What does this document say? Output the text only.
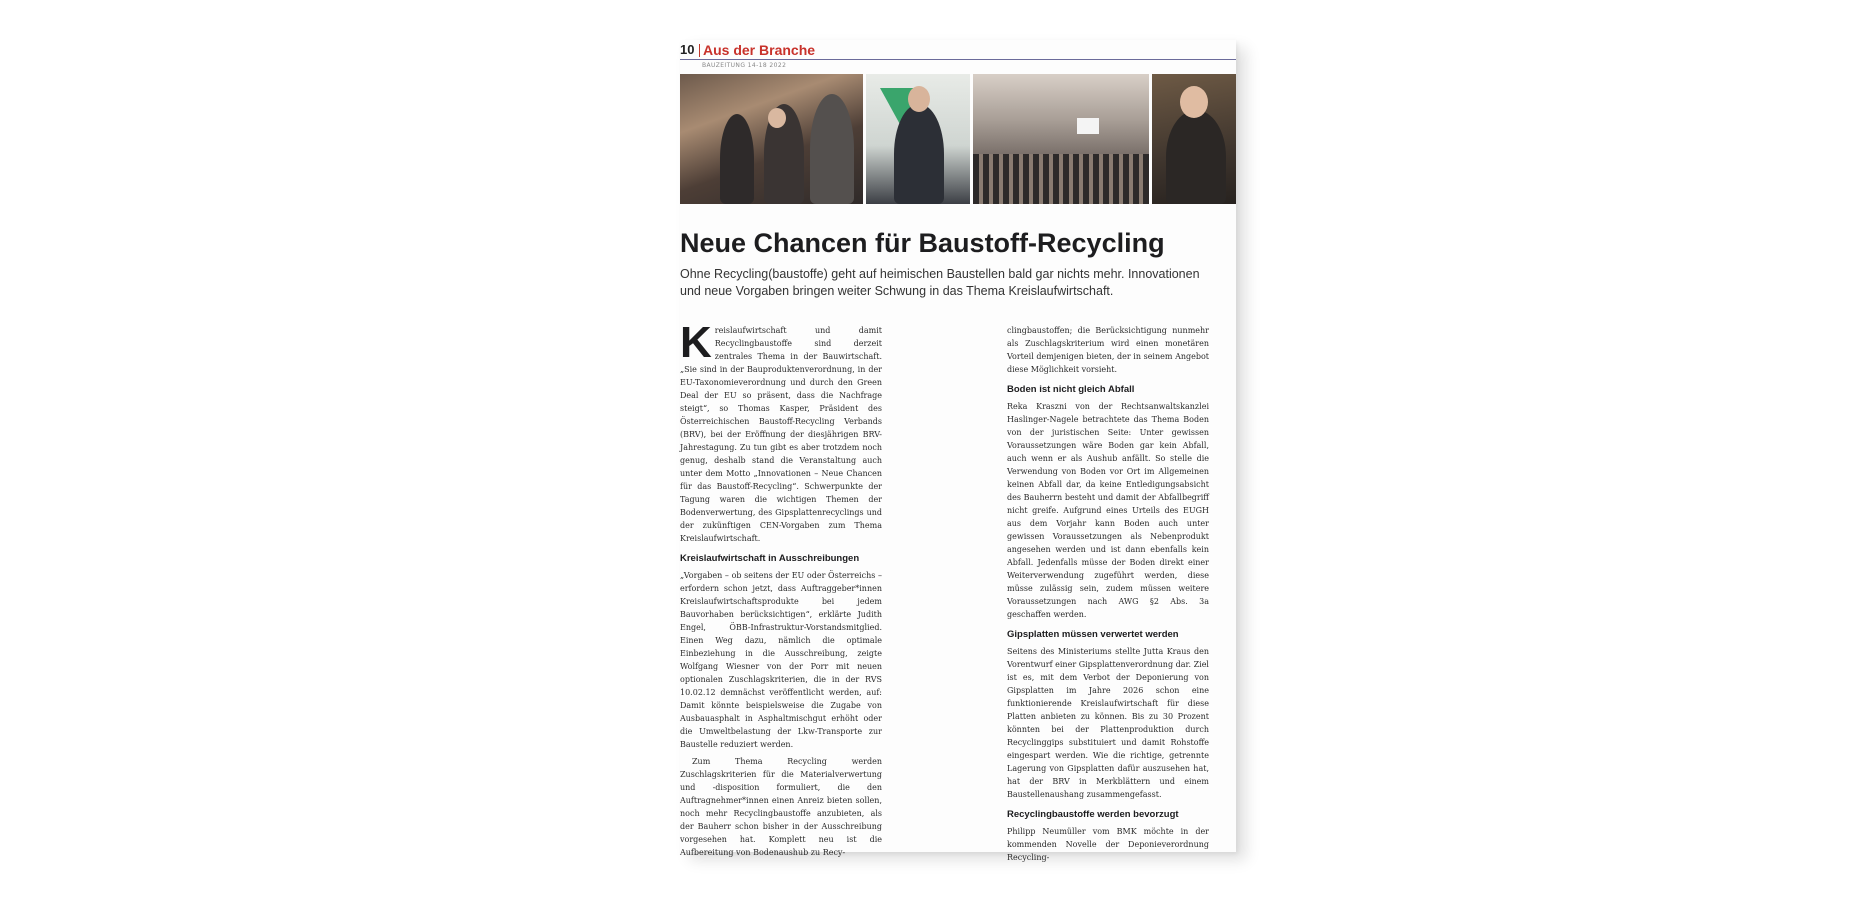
10 Aus der Branche
BAUZEITUNG 14-18 2022
Neue Chancen für Baustoff-Recycling
Ohne Recycling(baustoffe) geht auf heimischen Baustellen bald gar nichts mehr. Innovationen und neue Vorgaben bringen weiter Schwung in das Thema Kreislaufwirtschaft.

Kreislaufwirtschaft und damit Recyclingbaustoffe sind derzeit zentrales Thema in der Bauwirtschaft. „Sie sind in der Bauproduktenverordnung, in der EU-Taxonomieverordnung und durch den Green Deal der EU so präsent, dass die Nachfrage steigt“, so Thomas Kasper, Präsident des Österreichischen Baustoff-Recycling Verbands (BRV), bei der Eröffnung der diesjährigen BRV-Jahrestagung. Zu tun gibt es aber trotzdem noch genug, deshalb stand die Veranstaltung auch unter dem Motto „Innovationen – Neue Chancen für das Baustoff-Recycling“. Schwerpunkte der Tagung waren die wichtigen Themen der Bodenverwertung, des Gipsplattenrecyclings und der zukünftigen CEN-Vorgaben zum Thema Kreislaufwirtschaft.

Kreislaufwirtschaft in Ausschreibungen

„Vorgaben – ob seitens der EU oder Österreichs – erfordern schon jetzt, dass Auftraggeber*innen Kreislaufwirtschaftsprodukte bei jedem Bauvorhaben berücksichtigen“, erklärte Judith Engel, ÖBB-Infrastruktur-Vorstandsmitglied. Einen Weg dazu, nämlich die optimale Einbeziehung in die Ausschreibung, zeigte Wolfgang Wiesner von der Porr mit neuen optionalen Zuschlagskriterien, die in der RVS 10.02.12 demnächst veröffentlicht werden, auf: Damit könnte beispielsweise die Zugabe von Ausbauasphalt in Asphaltmischgut erhöht oder die Umweltbelastung der Lkw-Transporte zur Baustelle reduziert werden.

Zum Thema Recycling werden Zuschlagskriterien für die Materialverwertung und -disposition formuliert, die den Auftragnehmer*innen einen Anreiz bieten sollen, noch mehr Recyclingbaustoffe anzubieten, als der Bauherr schon bisher in der Ausschreibung vorgesehen hat. Komplett neu ist die Aufbereitung von Bodenaushub zu Recy-

clingbaustoffen; die Berücksichtigung nunmehr als Zuschlagskriterium wird einen monetären Vorteil demjenigen bieten, der in seinem Angebot diese Möglichkeit vorsieht.

Boden ist nicht gleich Abfall

Reka Kraszni von der Rechtsanwaltskanzlei Haslinger-Nagele betrachtete das Thema Boden von der juristischen Seite: Unter gewissen Voraussetzungen wäre Boden gar kein Abfall, auch wenn er als Aushub anfällt. So stelle die Verwendung von Boden vor Ort im Allgemeinen keinen Abfall dar, da keine Entledigungsabsicht des Bauherrn besteht und damit der Abfallbegriff nicht greife. Aufgrund eines Urteils des EUGH aus dem Vorjahr kann Boden auch unter gewissen Voraussetzungen als Nebenprodukt angesehen werden und ist dann ebenfalls kein Abfall. Jedenfalls müsse der Boden direkt einer Weiterverwendung zugeführt werden, diese müsse zulässig sein, zudem müssen weitere Voraussetzungen nach AWG §2 Abs. 3a geschaffen werden.

Gipsplatten müssen verwertet werden

Seitens des Ministeriums stellte Jutta Kraus den Vorentwurf einer Gipsplattenverordnung dar. Ziel ist es, mit dem Verbot der Deponierung von Gipsplatten im Jahre 2026 schon eine funktionierende Kreislaufwirtschaft für diese Platten anbieten zu können. Bis zu 30 Prozent könnten bei der Plattenproduktion durch Recyclinggips substituiert und damit Rohstoffe eingespart werden. Wie die richtige, getrennte Lagerung von Gipsplatten dafür auszusehen hat, hat der BRV in Merkblättern und einem Baustellenaushang zusammengefasst.

Recyclingbaustoffe werden bevorzugt

Philipp Neumüller vom BMK möchte in der kommenden Novelle der Deponieverordnung Recycling-
